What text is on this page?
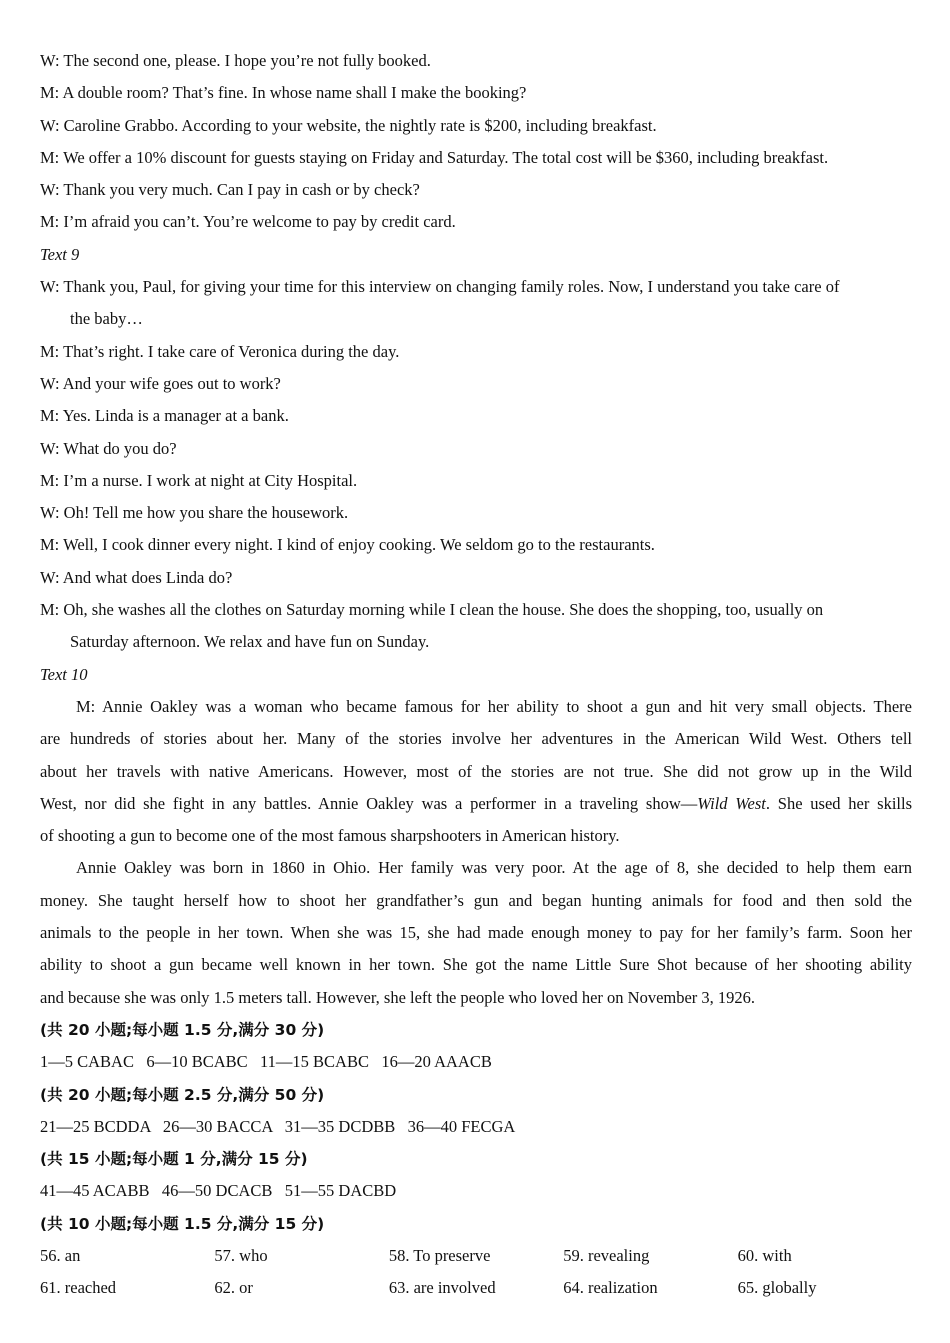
W: The second one, please. I hope you’re not fully booked.
M: A double room? That’s fine. In whose name shall I make the booking?
W: Caroline Grabbo. According to your website, the nightly rate is $200, including breakfast.
M: We offer a 10% discount for guests staying on Friday and Saturday. The total cost will be $360, including breakfast.
W: Thank you very much. Can I pay in cash or by check?
M: I’m afraid you can’t. You’re welcome to pay by credit card.
Text 9
W: Thank you, Paul, for giving your time for this interview on changing family roles. Now, I understand you take care of
the baby…
M: That’s right. I take care of Veronica during the day.
W: And your wife goes out to work?
M: Yes. Linda is a manager at a bank.
W: What do you do?
M: I’m a nurse. I work at night at City Hospital.
W: Oh! Tell me how you share the housework.
M: Well, I cook dinner every night. I kind of enjoy cooking. We seldom go to the restaurants.
W: And what does Linda do?
M: Oh, she washes all the clothes on Saturday morning while I clean the house. She does the shopping, too, usually on
Saturday afternoon. We relax and have fun on Sunday.
Text 10
M: Annie Oakley was a woman who became famous for her ability to shoot a gun and hit very small objects. There
are hundreds of stories about her. Many of the stories involve her adventures in the American Wild West. Others tell
about her travels with native Americans. However, most of the stories are not true. She did not grow up in the Wild
West, nor did she fight in any battles. Annie Oakley was a performer in a traveling show—Wild West. She used her skills
of shooting a gun to become one of the most famous sharpshooters in American history.
Annie Oakley was born in 1860 in Ohio. Her family was very poor. At the age of 8, she decided to help them earn
money. She taught herself how to shoot her grandfather’s gun and began hunting animals for food and then sold the
animals to the people in her town. When she was 15, she had made enough money to pay for her family’s farm. Soon her
ability to shoot a gun became well known in her town. She got the name Little Sure Shot because of her shooting ability
and because she was only 1.5 meters tall. However, she left the people who loved her on November 3, 1926.
(共 20 小题;每小题 1.5 分,满分 30 分)
1—5 CABAC   6—10 BCABC   11—15 BCABC   16—20 AAACB
(共 20 小题;每小题 2.5 分,满分 50 分)
21—25 BCDDA   26—30 BACCA   31—35 DCDBB   36—40 FECGA
(共 15 小题;每小题 1 分,满分 15 分)
41—45 ACABB   46—50 DCACB   51—55 DACBD
(共 10 小题;每小题 1.5 分,满分 15 分)
56. an	57. who	58. To preserve	59. revealing	60. with
61. reached	62. or	63. are involved	64. realization	65. globally
